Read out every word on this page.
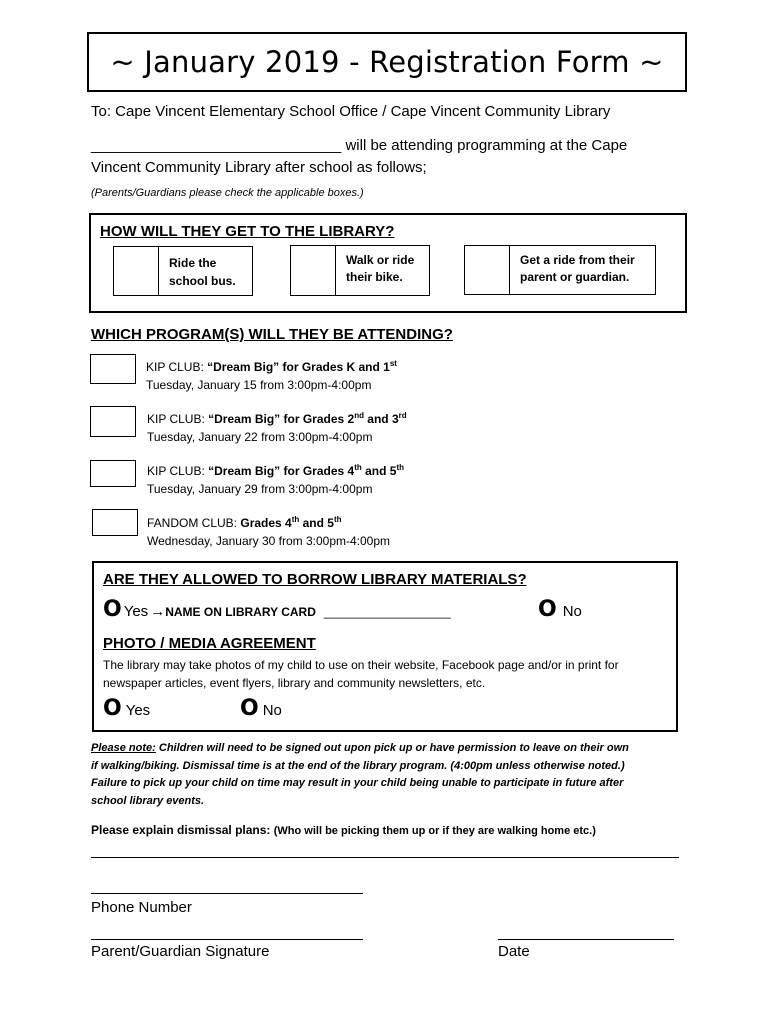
~ January 2019 - Registration Form ~
To: Cape Vincent Elementary School Office / Cape Vincent Community Library
______________________________ will be attending programming at the Cape
Vincent Community Library after school as follows;
(Parents/Guardians please check the applicable boxes.)
HOW WILL THEY GET TO THE LIBRARY?
Ride the
school bus.
Walk or ride
their bike.
Get a ride from their
parent or guardian.
WHICH PROGRAM(S) WILL THEY BE ATTENDING?
KIP CLUB: “Dream Big” for Grades K and 1st
Tuesday, January 15 from 3:00pm-4:00pm
KIP CLUB: “Dream Big” for Grades 2nd and 3rd
Tuesday, January 22 from 3:00pm-4:00pm
KIP CLUB: “Dream Big” for Grades 4th and 5th
Tuesday, January 29 from 3:00pm-4:00pm
FANDOM CLUB: Grades 4th and 5th
Wednesday, January 30 from 3:00pm-4:00pm
ARE THEY ALLOWED TO BORROW LIBRARY MATERIALS?
O Yes → NAME ON LIBRARY CARD ___________________	O No
PHOTO / MEDIA AGREEMENT
The library may take photos of my child to use on their website, Facebook page and/or in print for
newspaper articles, event flyers, library and community newsletters, etc.
O Yes	O No
Please note: Children will need to be signed out upon pick up or have permission to leave on their own
if walking/biking. Dismissal time is at the end of the library program. (4:00pm unless otherwise noted.)
Failure to pick up your child on time may result in your child being unable to participate in future after
school library events.
Please explain dismissal plans: (Who will be picking them up or if they are walking home etc.)
Phone Number
Parent/Guardian Signature	Date
